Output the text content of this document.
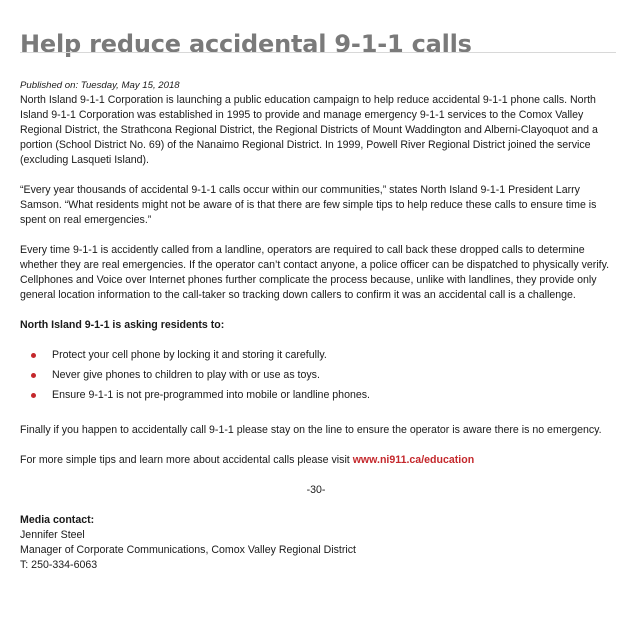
Help reduce accidental 9-1-1 calls

Published on: Tuesday, May 15, 2018

North Island 9-1-1 Corporation is launching a public education campaign to help reduce accidental 9-1-1 phone calls. North Island 9-1-1 Corporation was established in 1995 to provide and manage emergency 9-1-1 services to the Comox Valley Regional District, the Strathcona Regional District, the Regional Districts of Mount Waddington and Alberni-Clayoquot and a portion (School District No. 69) of the Nanaimo Regional District. In 1999, Powell River Regional District joined the service (excluding Lasqueti Island).

“Every year thousands of accidental 9-1-1 calls occur within our communities,” states North Island 9-1-1 President Larry Samson. “What residents might not be aware of is that there are few simple tips to help reduce these calls to ensure time is spent on real emergencies.”

Every time 9-1-1 is accidently called from a landline, operators are required to call back these dropped calls to determine whether they are real emergencies. If the operator can’t contact anyone, a police officer can be dispatched to physically verify. Cellphones and Voice over Internet phones further complicate the process because, unlike with landlines, they provide only general location information to the call-taker so tracking down callers to confirm it was an accidental call is a challenge.

North Island 9-1-1 is asking residents to:

Protect your cell phone by locking it and storing it carefully.
Never give phones to children to play with or use as toys.
Ensure 9-1-1 is not pre-programmed into mobile or landline phones.

Finally if you happen to accidentally call 9-1-1 please stay on the line to ensure the operator is aware there is no emergency.

For more simple tips and learn more about accidental calls please visit www.ni911.ca/education

-30-

Media contact:

Jennifer Steel

Manager of Corporate Communications, Comox Valley Regional District

T: 250-334-6063
